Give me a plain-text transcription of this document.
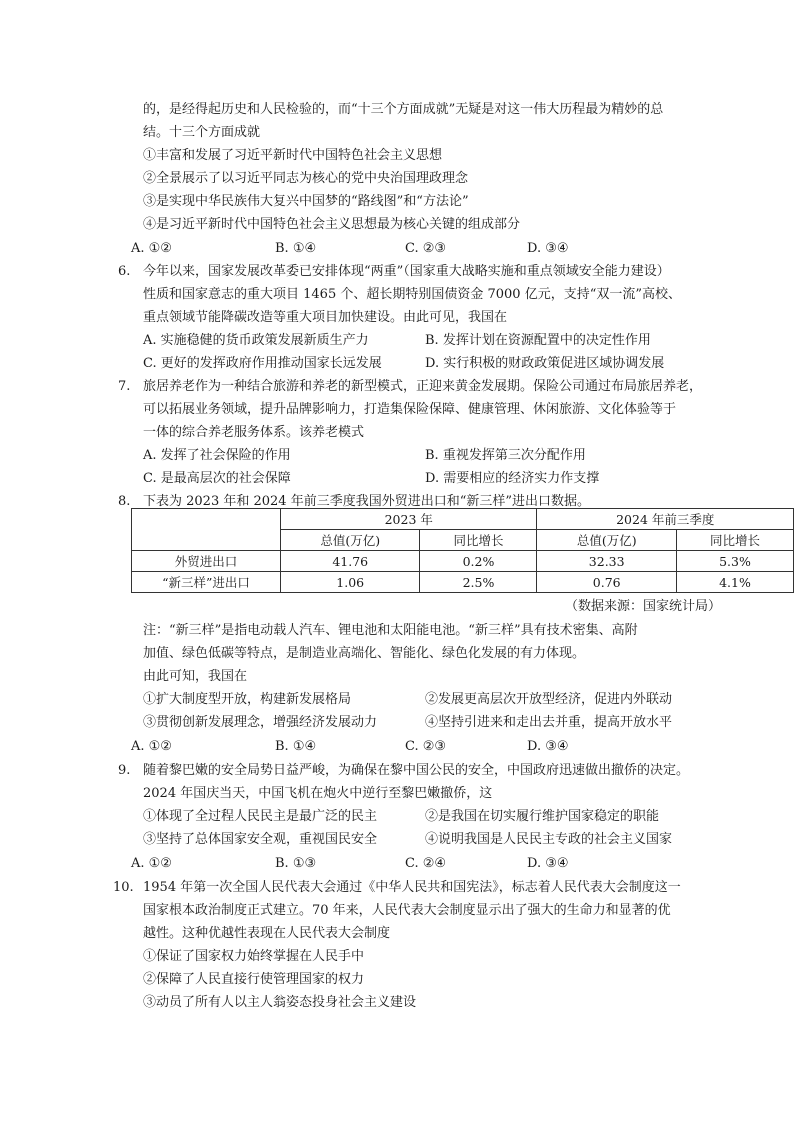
的，是经得起历史和人民检验的，而“十三个方面成就”无疑是对这一伟大历程最为精妙的总
结。十三个方面成就
①丰富和发展了习近平新时代中国特色社会主义思想
②全景展示了以习近平同志为核心的党中央治国理政理念
③是实现中华民族伟大复兴中国梦的“路线图”和“方法论”
④是习近平新时代中国特色社会主义思想最为核心关键的组成部分
A. ①②	B. ①④	C. ②③	D. ③④
6. 今年以来，国家发展改革委已安排体现“两重”（国家重大战略实施和重点领域安全能力建设）
性质和国家意志的重大项目 1465 个、超长期特别国债资金 7000 亿元，支持“双一流”高校、
重点领域节能降碳改造等重大项目加快建设。由此可见，我国在
A. 实施稳健的货币政策发展新质生产力	B. 发挥计划在资源配置中的决定性作用
C. 更好的发挥政府作用推动国家长远发展	D. 实行积极的财政政策促进区域协调发展
7. 旅居养老作为一种结合旅游和养老的新型模式，正迎来黄金发展期。保险公司通过布局旅居养老，
可以拓展业务领域，提升品牌影响力，打造集保险保障、健康管理、休闲旅游、文化体验等于
一体的综合养老服务体系。该养老模式
A. 发挥了社会保险的作用	B. 重视发挥第三次分配作用
C. 是最高层次的社会保障	D. 需要相应的经济实力作支撑
8. 下表为 2023 年和 2024 年前三季度我国外贸进出口和“新三样”进出口数据。
	2023 年		2024 年前三季度	
	总值(万亿)	同比增长	总值(万亿)	同比增长
外贸进出口	41.76	0.2%	32.33	5.3%
“新三样”进出口	1.06	2.5%	0.76	4.1%
（数据来源：国家统计局）
注：“新三样”是指电动载人汽车、锂电池和太阳能电池。“新三样”具有技术密集、高附
加值、绿色低碳等特点，是制造业高端化、智能化、绿色化发展的有力体现。
由此可知，我国在
①扩大制度型开放，构建新发展格局	②发展更高层次开放型经济，促进内外联动
③贯彻创新发展理念，增强经济发展动力	④坚持引进来和走出去并重，提高开放水平
A. ①②	B. ①④	C. ②③	D. ③④
9. 随着黎巴嫩的安全局势日益严峻，为确保在黎中国公民的安全，中国政府迅速做出撤侨的决定。
2024 年国庆当天，中国飞机在炮火中逆行至黎巴嫩撤侨，这
①体现了全过程人民民主是最广泛的民主	②是我国在切实履行维护国家稳定的职能
③坚持了总体国家安全观，重视国民安全	④说明我国是人民民主专政的社会主义国家
A. ①②	B. ①③	C. ②④	D. ③④
10. 1954 年第一次全国人民代表大会通过《中华人民共和国宪法》，标志着人民代表大会制度这一
国家根本政治制度正式建立。70 年来，人民代表大会制度显示出了强大的生命力和显著的优
越性。这种优越性表现在人民代表大会制度
①保证了国家权力始终掌握在人民手中
②保障了人民直接行使管理国家的权力
③动员了所有人以主人翁姿态投身社会主义建设
